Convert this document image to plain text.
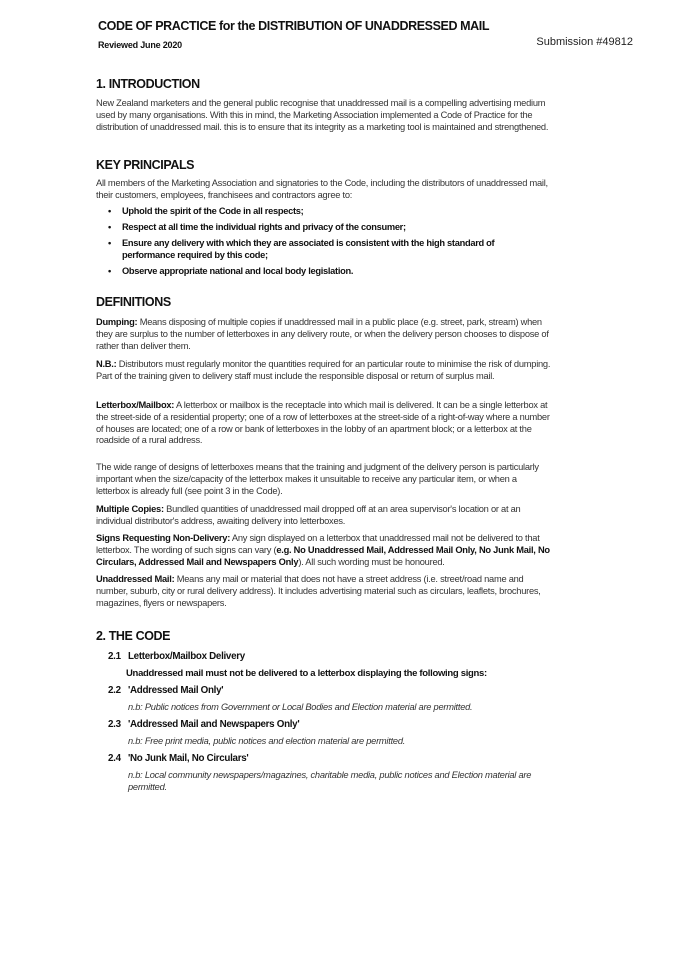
CODE OF PRACTICE for the DISTRIBUTION OF UNADDRESSED MAIL
Reviewed June 2020	Submission #49812
1. INTRODUCTION
New Zealand marketers and the general public recognise that unaddressed mail is a compelling advertising medium used by many organisations. With this in mind, the Marketing Association implemented a Code of Practice for the distribution of unaddressed mail. this is to ensure that its integrity as a marketing tool is maintained and strengthened.
KEY PRINCIPALS
All members of the Marketing Association and signatories to the Code, including the distributors of unaddressed mail, their customers, employees, franchisees and contractors agree to:
• Uphold the spirit of the Code in all respects;
• Respect at all time the individual rights and privacy of the consumer;
• Ensure any delivery with which they are associated is consistent with the high standard of performance required by this code;
• Observe appropriate national and local body legislation.
DEFINITIONS
Dumping: Means disposing of multiple copies if unaddressed mail in a public place (e.g. street, park, stream) when they are surplus to the number of letterboxes in any delivery route, or when the delivery person chooses to dispose of rather than deliver them.
N.B.: Distributors must regularly monitor the quantities required for an particular route to minimise the risk of dumping. Part of the training given to delivery staff must include the responsible disposal or return of surplus mail.
Letterbox/Mailbox: A letterbox or mailbox is the receptacle into which mail is delivered. It can be a single letterbox at the street-side of a residential property; one of a row of letterboxes at the street-side of a right-of-way where a number of houses are located; one of a row or bank of letterboxes in the lobby of an apartment block; or a letterbox at the roadside of a rural address.
The wide range of designs of letterboxes means that the training and judgment of the delivery person is particularly important when the size/capacity of the letterbox makes it unsuitable to receive any particular item, or when a letterbox is already full (see point 3 in the Code).
Multiple Copies: Bundled quantities of unaddressed mail dropped off at an area supervisor's location or at an individual distributor's address, awaiting delivery into letterboxes.
Signs Requesting Non-Delivery: Any sign displayed on a letterbox that unaddressed mail not be delivered to that letterbox. The wording of such signs can vary (e.g. No Unaddressed Mail, Addressed Mail Only, No Junk Mail, No Circulars, Addressed Mail and Newspapers Only). All such wording must be honoured.
Unaddressed Mail: Means any mail or material that does not have a street address (i.e. street/road name and number, suburb, city or rural delivery address). It includes advertising material such as circulars, leaflets, brochures, magazines, flyers or newspapers.
2. THE CODE
2.1 Letterbox/Mailbox Delivery
Unaddressed mail must not be delivered to a letterbox displaying the following signs:
2.2 'Addressed Mail Only'
n.b: Public notices from Government or Local Bodies and Election material are permitted.
2.3 'Addressed Mail and Newspapers Only'
n.b: Free print media, public notices and election material are permitted.
2.4 'No Junk Mail, No Circulars'
n.b: Local community newspapers/magazines, charitable media, public notices and Election material are permitted.
